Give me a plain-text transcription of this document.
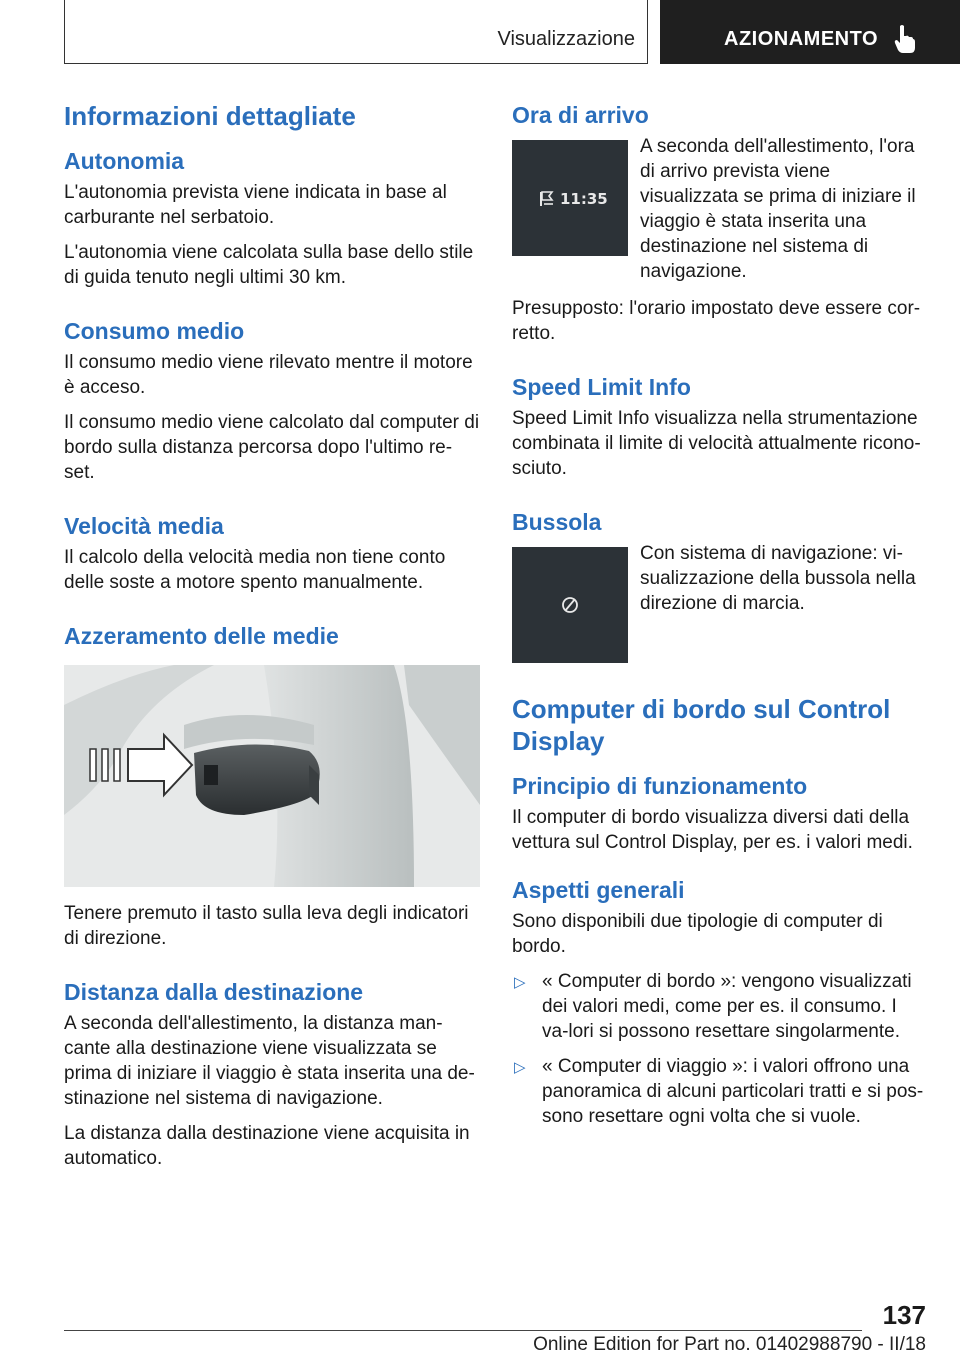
Visualizzazione	AZIONAMENTO
Informazioni dettagliate
Autonomia

L'autonomia prevista viene indicata in base al carburante nel serbatoio.

L'autonomia viene calcolata sulla base dello stile di guida tenuto negli ultimi 30 km.

Consumo medio

Il consumo medio viene rilevato mentre il motore è acceso.

Il consumo medio viene calcolato dal computer di bordo sulla distanza percorsa dopo l'ultimo re-set.

Velocità media

Il calcolo della velocità media non tiene conto delle soste a motore spento manualmente.

Azzeramento delle medie

Tenere premuto il tasto sulla leva degli indicatori di direzione.

Distanza dalla destinazione

A seconda dell'allestimento, la distanza man-cante alla destinazione viene visualizzata se prima di iniziare il viaggio è stata inserita una de-stinazione nel sistema di navigazione.

La distanza dalla destinazione viene acquisita in automatico.

Ora di arrivo
11:35

A seconda dell'allestimento, l'ora di arrivo prevista viene visualizzata se prima di iniziare il viaggio è stata inserita una destinazione nel sistema di navigazione.

Presupposto: l'orario impostato deve essere cor-retto.

Speed Limit Info

Speed Limit Info visualizza nella strumentazione combinata il limite di velocità attualmente ricono-sciuto.

Bussola

Con sistema di navigazione: vi-sualizzazione della bussola nella direzione di marcia.

Computer di bordo sul Control Display
Principio di funzionamento

Il computer di bordo visualizza diversi dati della vettura sul Control Display, per es. i valori medi.

Aspetti generali

Sono disponibili due tipologie di computer di bordo.

▷ « Computer di bordo »: vengono visualizzati dei valori medi, come per es. il consumo. I va-lori si possono resettare singolarmente.
▷ « Computer di viaggio »: i valori offrono una panoramica di alcuni particolari tratti e si pos-sono resettare ogni volta che si vuole.
137
Online Edition for Part no. 01402988790 - II/18
